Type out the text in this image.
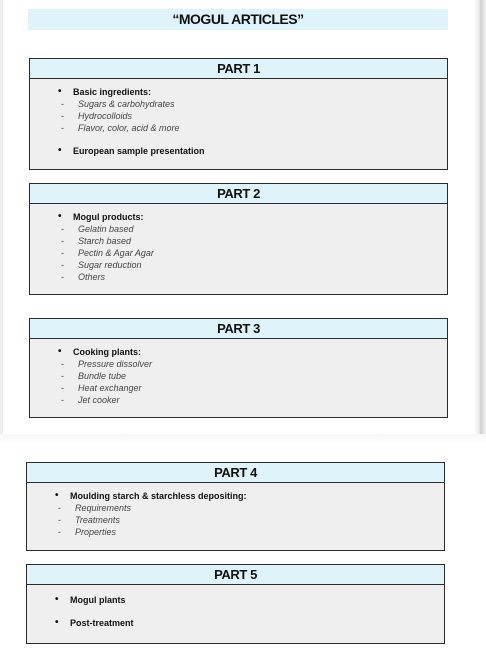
“MOGUL ARTICLES”
PART 1
• Basic ingredients:
- Sugars & carbohydrates
- Hydrocolloids
- Flavor, color, acid & more
• European sample presentation
PART 2
• Mogul products:
- Gelatin based
- Starch based
- Pectin & Agar Agar
- Sugar reduction
- Others
PART 3
• Cooking plants:
- Pressure dissolver
- Bundle tube
- Heat exchanger
- Jet cooker
PART 4
• Moulding starch & starchless depositing:
- Requirements
- Treatments
- Properties
PART 5
• Mogul plants
• Post-treatment
